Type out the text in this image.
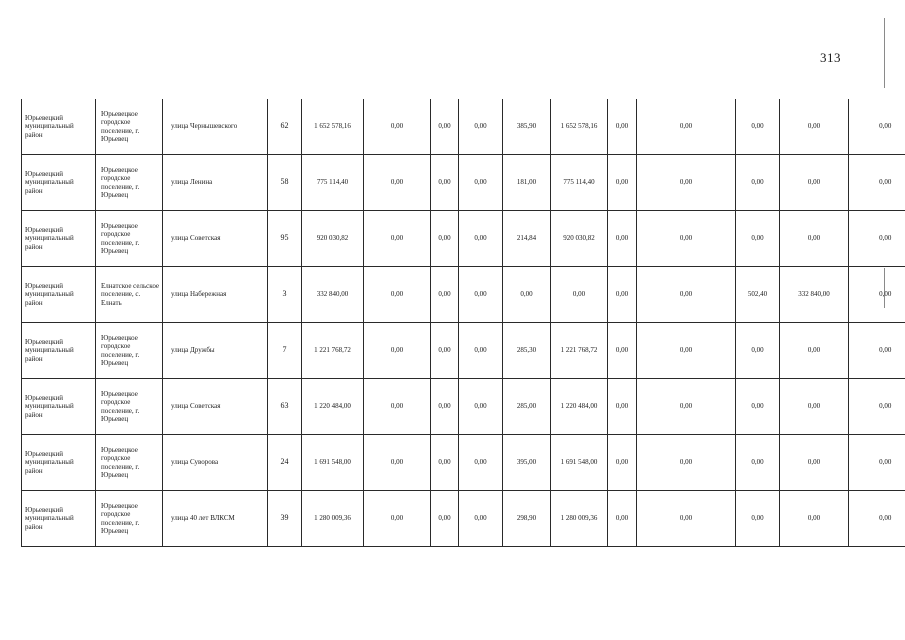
313
Юрьевецкий муниципальный район	Юрьевецкое городское поселение, г. Юрьевец	улица Чернышевского	62	1 652 578,16	0,00	0,00	0,00	385,90	1 652 578,16	0,00	0,00	0,00	0,00	0,00
Юрьевецкий муниципальный район	Юрьевецкое городское поселение, г. Юрьевец	улица Ленина	58	775 114,40	0,00	0,00	0,00	181,00	775 114,40	0,00	0,00	0,00	0,00	0,00
Юрьевецкий муниципальный район	Юрьевецкое городское поселение, г. Юрьевец	улица Советская	95	920 030,82	0,00	0,00	0,00	214,84	920 030,82	0,00	0,00	0,00	0,00	0,00
Юрьевецкий муниципальный район	Елнатское сельское поселение, с. Елнать	улица Набережная	3	332 840,00	0,00	0,00	0,00	0,00	0,00	0,00	0,00	502,40	332 840,00	0,00
Юрьевецкий муниципальный район	Юрьевецкое городское поселение, г. Юрьевец	улица Дружбы	7	1 221 768,72	0,00	0,00	0,00	285,30	1 221 768,72	0,00	0,00	0,00	0,00	0,00
Юрьевецкий муниципальный район	Юрьевецкое городское поселение, г. Юрьевец	улица Советская	63	1 220 484,00	0,00	0,00	0,00	285,00	1 220 484,00	0,00	0,00	0,00	0,00	0,00
Юрьевецкий муниципальный район	Юрьевецкое городское поселение, г. Юрьевец	улица Суворова	24	1 691 548,00	0,00	0,00	0,00	395,00	1 691 548,00	0,00	0,00	0,00	0,00	0,00
Юрьевецкий муниципальный район	Юрьевецкое городское поселение, г. Юрьевец	улица 40 лет ВЛКСМ	39	1 280 009,36	0,00	0,00	0,00	298,90	1 280 009,36	0,00	0,00	0,00	0,00	0,00
